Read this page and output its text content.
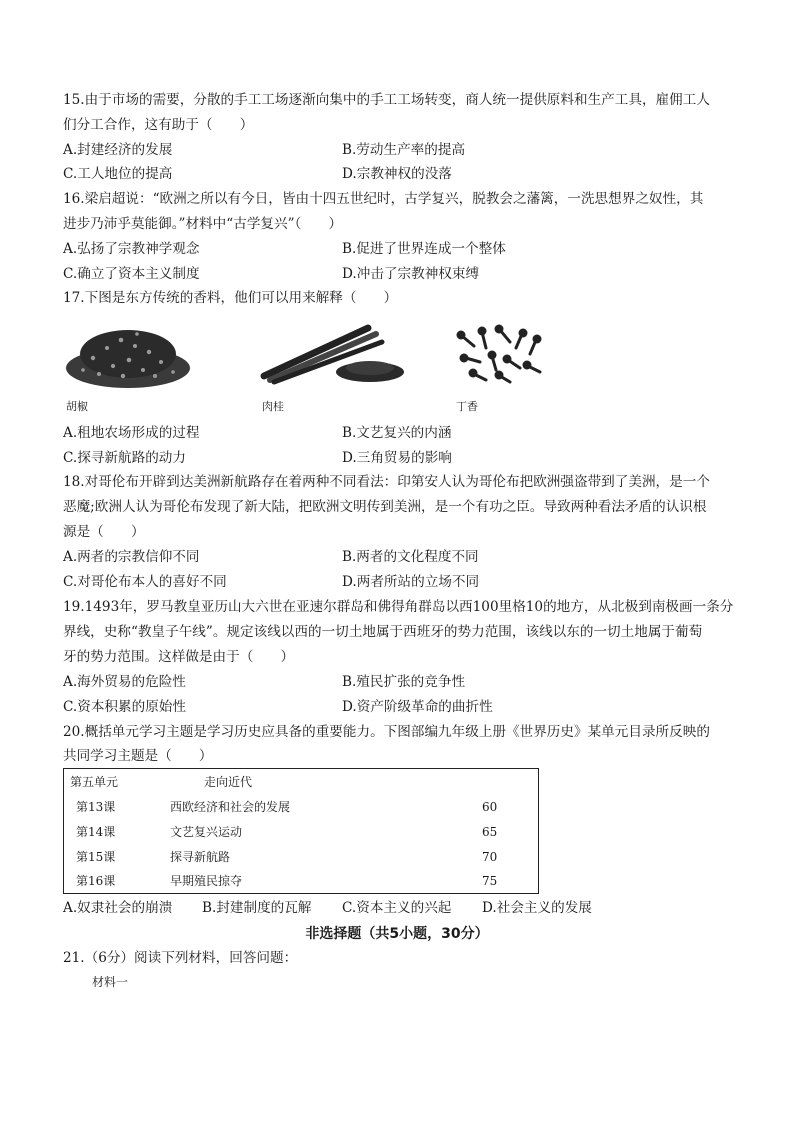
15.由于市场的需要，分散的手工工场逐渐向集中的手工工场转变，商人统一提供原料和生产工具，雇佣工人
们分工合作，这有助于（　　）
A.封建经济的发展	B.劳动生产率的提高
C.工人地位的提高	D.宗教神权的没落
16.梁启超说：“欧洲之所以有今日，皆由十四五世纪时，古学复兴，脱教会之藩篱，一洗思想界之奴性，其
进步乃沛乎莫能御。”材料中“古学复兴”（　　）
A.弘扬了宗教神学观念	B.促进了世界连成一个整体
C.确立了资本主义制度	D.冲击了宗教神权束缚
17.下图是东方传统的香料，他们可以用来解释（　　）
胡椒	肉桂	丁香
A.租地农场形成的过程	B.文艺复兴的内涵
C.探寻新航路的动力	D.三角贸易的影响
18.对哥伦布开辟到达美洲新航路存在着两种不同看法：印第安人认为哥伦布把欧洲强盗带到了美洲，是一个
恶魔;欧洲人认为哥伦布发现了新大陆，把欧洲文明传到美洲，是一个有功之臣。导致两种看法矛盾的认识根
源是（　　）
A.两者的宗教信仰不同	B.两者的文化程度不同
C.对哥伦布本人的喜好不同	D.两者所站的立场不同
19.1493年，罗马教皇亚历山大六世在亚速尔群岛和佛得角群岛以西100里格10的地方，从北极到南极画一条分
界线，史称“教皇子午线”。规定该线以西的一切土地属于西班牙的势力范围，该线以东的一切土地属于葡萄
牙的势力范围。这样做是由于（　　）
A.海外贸易的危险性	B.殖民扩张的竞争性
C.资本积累的原始性	D.资产阶级革命的曲折性
20.概括单元学习主题是学习历史应具备的重要能力。下图部编九年级上册《世界历史》某单元目录所反映的
共同学习主题是（　　）
第五单元	走向近代
第13课	西欧经济和社会的发展	60
第14课	文艺复兴运动	65
第15课	探寻新航路	70
第16课	早期殖民掠夺	75
A.奴隶社会的崩溃 B.封建制度的瓦解 C.资本主义的兴起 D.社会主义的发展
非选择题（共5小题，30分）
21.（6分）阅读下列材料，回答问题：
材料一
